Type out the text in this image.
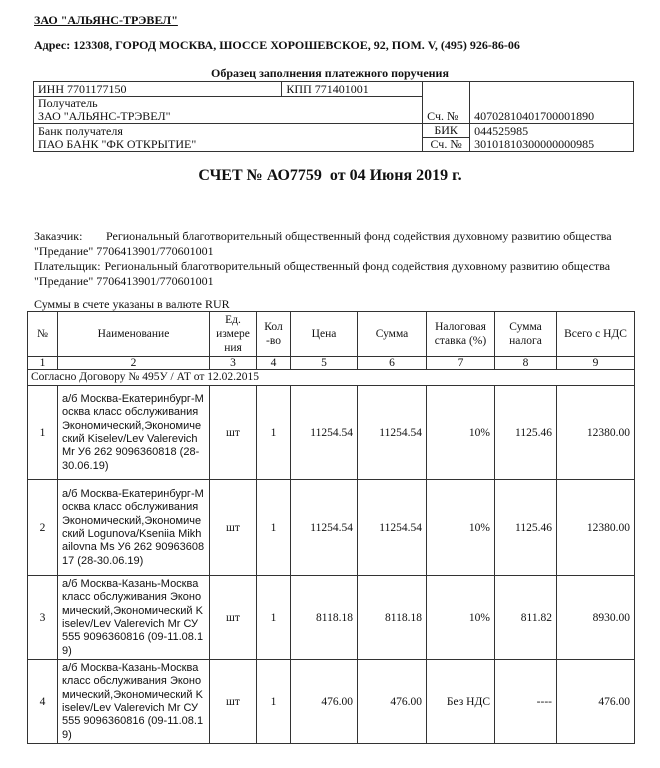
ЗАО "АЛЬЯНС-ТРЭВЕЛ"
Адрес: 123308, ГОРОД МОСКВА, ШОССЕ ХОРОШЕВСКОЕ, 92, ПОМ. V, (495) 926-86-06
Образец заполнения платежного поручения
ИНН 7701177150	КПП 771401001	Сч. №	40702810401700001890

Получатель
ЗАО "АЛЬЯНС-ТРЭВЕЛ"			

Банк получателя		БИК	044525985
ПАО БАНК "ФК ОТКРЫТИЕ"		Сч. №	30101810300000000985
СЧЕТ № АО7759  от 04 Июня 2019 г.
Заказчик: Региональный благотворительный общественный фонд содействия духовному развитию общества
"Предание" 7706413901/770601001
Плательщик: Региональный благотворительный общественный фонд содействия духовному развитию общества
"Предание" 7706413901/770601001
Суммы в счете указаны в валюте RUR
№	Наименование	Ед. измере ния	Кол -во	Цена	Сумма	Налоговая ставка (%)	Сумма налога	Всего с НДС
1	2	3	4	5	6	7	8	9
Согласно Договору № 495У / АТ от 12.02.2015								
1	а/б Москва-Екатеринбург-Москва класс обслуживания Экономический,Экономический Kiselev/Lev Valerevich Mr У6 262 9096360818 (28-30.06.19)	шт	1	11254.54	11254.54	10%	1125.46	12380.00
2	а/б Москва-Екатеринбург-Москва класс обслуживания Экономический,Экономический Logunova/Kseniia Mikhailovna Ms У6 262 9096360817 (28-30.06.19)	шт	1	11254.54	11254.54	10%	1125.46	12380.00
3	а/б Москва-Казань-Москва класс обслуживания Экономический,Экономический Kiselev/Lev Valerevich Mr СУ 555 9096360816 (09-11.08.19)	шт	1	8118.18	8118.18	10%	811.82	8930.00
4	а/б Москва-Казань-Москва класс обслуживания Экономический,Экономический Kiselev/Lev Valerevich Mr СУ 555 9096360816 (09-11.08.19)	шт	1	476.00	476.00	Без НДС	----	476.00
